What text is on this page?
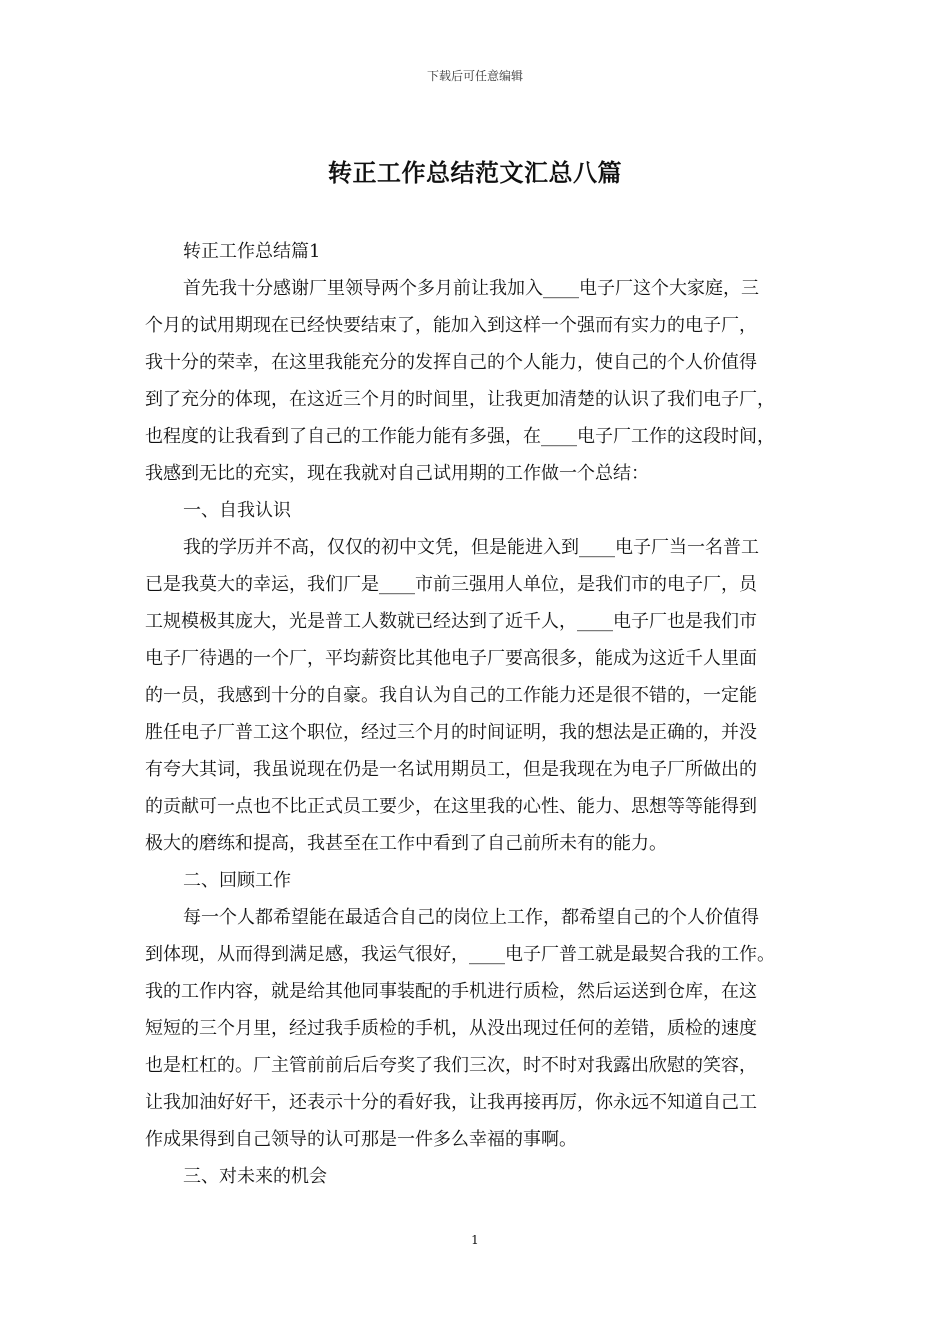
下载后可任意编辑
转正工作总结范文汇总八篇
转正工作总结篇1
首先我十分感谢厂里领导两个多月前让我加入____电子厂这个大家庭，三
个月的试用期现在已经快要结束了，能加入到这样一个强而有实力的电子厂，
我十分的荣幸，在这里我能充分的发挥自己的个人能力，使自己的个人价值得
到了充分的体现，在这近三个月的时间里，让我更加清楚的认识了我们电子厂，
也程度的让我看到了自己的工作能力能有多强，在____电子厂工作的这段时间，
我感到无比的充实，现在我就对自己试用期的工作做一个总结：
一、自我认识
我的学历并不高，仅仅的初中文凭，但是能进入到____电子厂当一名普工
已是我莫大的幸运，我们厂是____市前三强用人单位，是我们市的电子厂，员
工规模极其庞大，光是普工人数就已经达到了近千人，____电子厂也是我们市
电子厂待遇的一个厂，平均薪资比其他电子厂要高很多，能成为这近千人里面
的一员，我感到十分的自豪。我自认为自己的工作能力还是很不错的，一定能
胜任电子厂普工这个职位，经过三个月的时间证明，我的想法是正确的，并没
有夸大其词，我虽说现在仍是一名试用期员工，但是我现在为电子厂所做出的
的贡献可一点也不比正式员工要少，在这里我的心性、能力、思想等等能得到
极大的磨练和提高，我甚至在工作中看到了自己前所未有的能力。
二、回顾工作
每一个人都希望能在最适合自己的岗位上工作，都希望自己的个人价值得
到体现，从而得到满足感，我运气很好，____电子厂普工就是最契合我的工作。
我的工作内容，就是给其他同事装配的手机进行质检，然后运送到仓库，在这
短短的三个月里，经过我手质检的手机，从没出现过任何的差错，质检的速度
也是杠杠的。厂主管前前后后夸奖了我们三次，时不时对我露出欣慰的笑容，
让我加油好好干，还表示十分的看好我，让我再接再厉，你永远不知道自己工
作成果得到自己领导的认可那是一件多么幸福的事啊。
三、对未来的机会
1
